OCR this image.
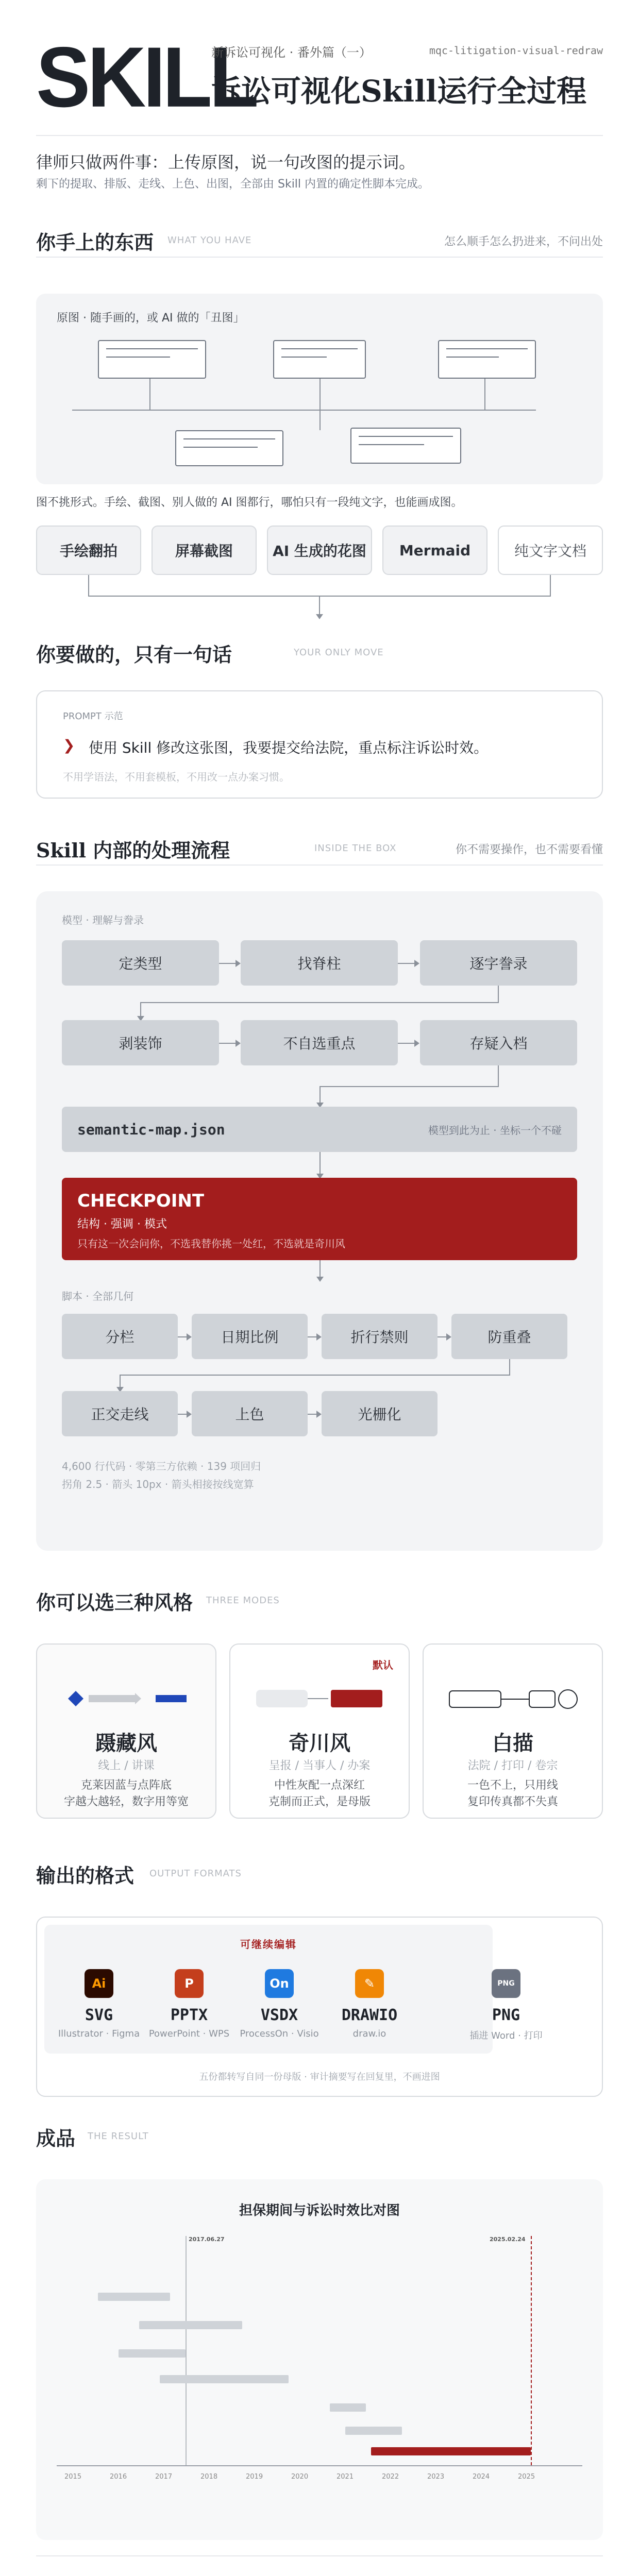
SKILL
新诉讼可视化 · 番外篇（一）	mqc-litigation-visual-redraw
诉讼可视化Skill运行全过程
律师只做两件事：上传原图，说一句改图的提示词。
剩下的提取、排版、走线、上色、出图，全部由 Skill 内置的确定性脚本完成。
你手上的东西 WHAT YOU HAVE	怎么顺手怎么扔进来，不问出处
原图 · 随手画的，或 AI 做的「丑图」
图不挑形式。手绘、截图、别人做的 AI 图都行，哪怕只有一段纯文字，也能画成图。
手绘翻拍	屏幕截图	AI 生成的花图	Mermaid	纯文字文档
你要做的，只有一句话	YOUR ONLY MOVE
PROMPT 示范
❯ 使用 Skill 修改这张图，我要提交给法院，重点标注诉讼时效。
不用学语法，不用套模板，不用改一点办案习惯。
Skill 内部的处理流程	INSIDE THE BOX	你不需要操作，也不需要看懂
模型 · 理解与誊录
定类型	找脊柱	逐字誊录
剥装饰	不自选重点	存疑入档
semantic-map.json	模型到此为止 · 坐标一个不碰
CHECKPOINT
结构 · 强调 · 模式
只有这一次会问你，不选我替你挑一处红，不选就是奇川风
脚本 · 全部几何
分栏	日期比例	折行禁则	防重叠
正交走线	上色	光栅化
4,600 行代码 · 零第三方依赖 · 139 项回归
拐角 2.5 · 箭头 10px · 箭头相接按线宽算
你可以选三种风格 THREE MODES
蹑藏风
线上 / 讲课
克莱因蓝与点阵底
字越大越轻，数字用等宽
默认
奇川风
呈报 / 当事人 / 办案
中性灰配一点深红
克制而正式，是母版
白描
法院 / 打印 / 卷宗
一色不上，只用线
复印传真都不失真
输出的格式 OUTPUT FORMATS
可继续编辑
Ai
SVG
Illustrator · Figma
P
PPTX
PowerPoint · WPS
On
VSDX
ProcessOn · Visio
✎
DRAWIO
draw.io
PNG
PNG
插进 Word · 打印
五份都转写自同一份母版 · 审计摘要写在回复里，不画进图
成品 THE RESULT
担保期间与诉讼时效比对图
2015	2016	2017	2018	2019	2020	2021	2022	2023	2024	2025
2017.06.27	2025.02.24
